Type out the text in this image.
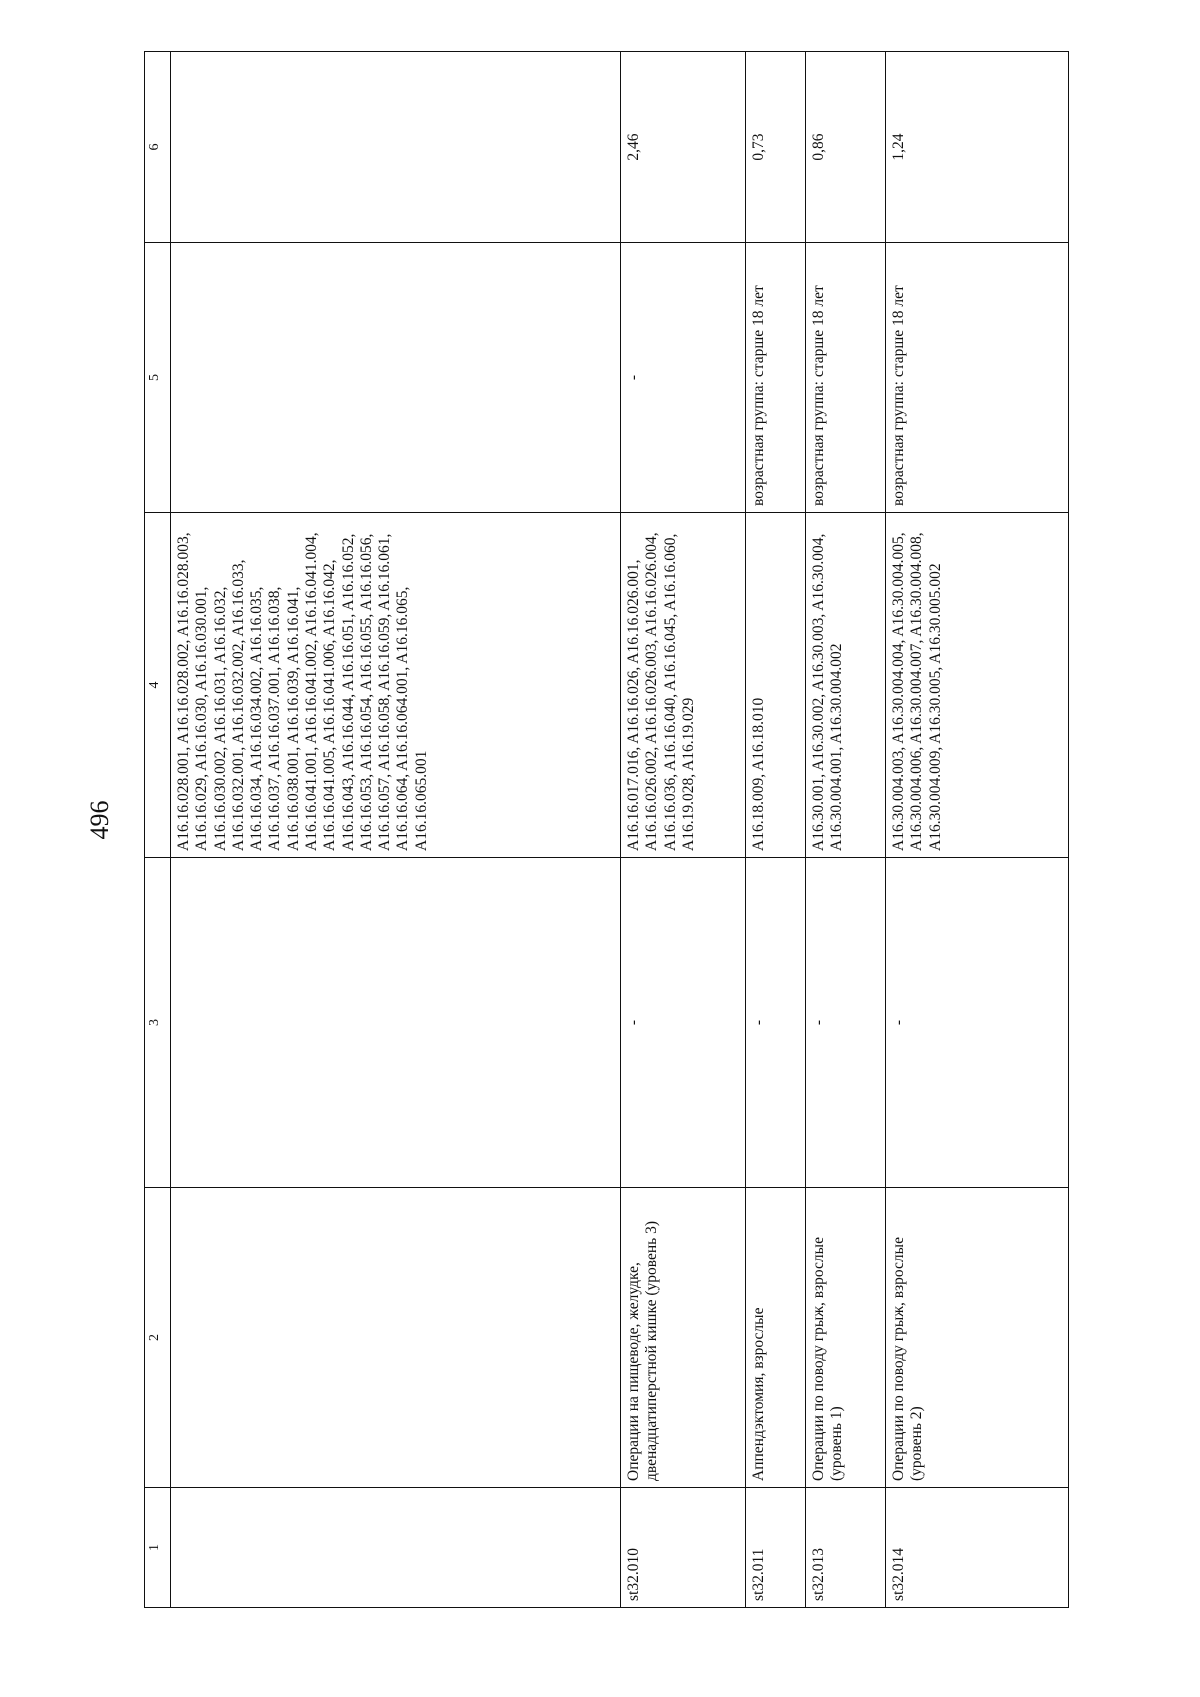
496
1	2	3	4	5	6
			A16.16.028.001, A16.16.028.002, A16.16.028.003, A16.16.029, A16.16.030, A16.16.030.001, A16.16.030.002, A16.16.031, A16.16.032, A16.16.032.001, A16.16.032.002, A16.16.033, A16.16.034, A16.16.034.002, A16.16.035, A16.16.037, A16.16.037.001, A16.16.038, A16.16.038.001, A16.16.039, A16.16.041, A16.16.041.001, A16.16.041.002, A16.16.041.004, A16.16.041.005, A16.16.041.006, A16.16.042, A16.16.043, A16.16.044, A16.16.051, A16.16.052, A16.16.053, A16.16.054, A16.16.055, A16.16.056, A16.16.057, A16.16.058, A16.16.059, A16.16.061, A16.16.064, A16.16.064.001, A16.16.065, A16.16.065.001		
st32.010	Операции на пищеводе, желудке, двенадцатиперстной кишке (уровень 3)	-	A16.16.017.016, A16.16.026, A16.16.026.001, A16.16.026.002, A16.16.026.003, A16.16.026.004, A16.16.036, A16.16.040, A16.16.045, A16.16.060, A16.19.028, A16.19.029	-	2,46
st32.011	Аппендэктомия, взрослые	-	A16.18.009, A16.18.010	возрастная группа: старше 18 лет	0,73
st32.013	Операции по поводу грыж, взрослые (уровень 1)	-	A16.30.001, A16.30.002, A16.30.003, A16.30.004, A16.30.004.001, A16.30.004.002	возрастная группа: старше 18 лет	0,86
st32.014	Операции по поводу грыж, взрослые (уровень 2)	-	A16.30.004.003, A16.30.004.004, A16.30.004.005, A16.30.004.006, A16.30.004.007, A16.30.004.008, A16.30.004.009, A16.30.005, A16.30.005.002	возрастная группа: старше 18 лет	1,24
